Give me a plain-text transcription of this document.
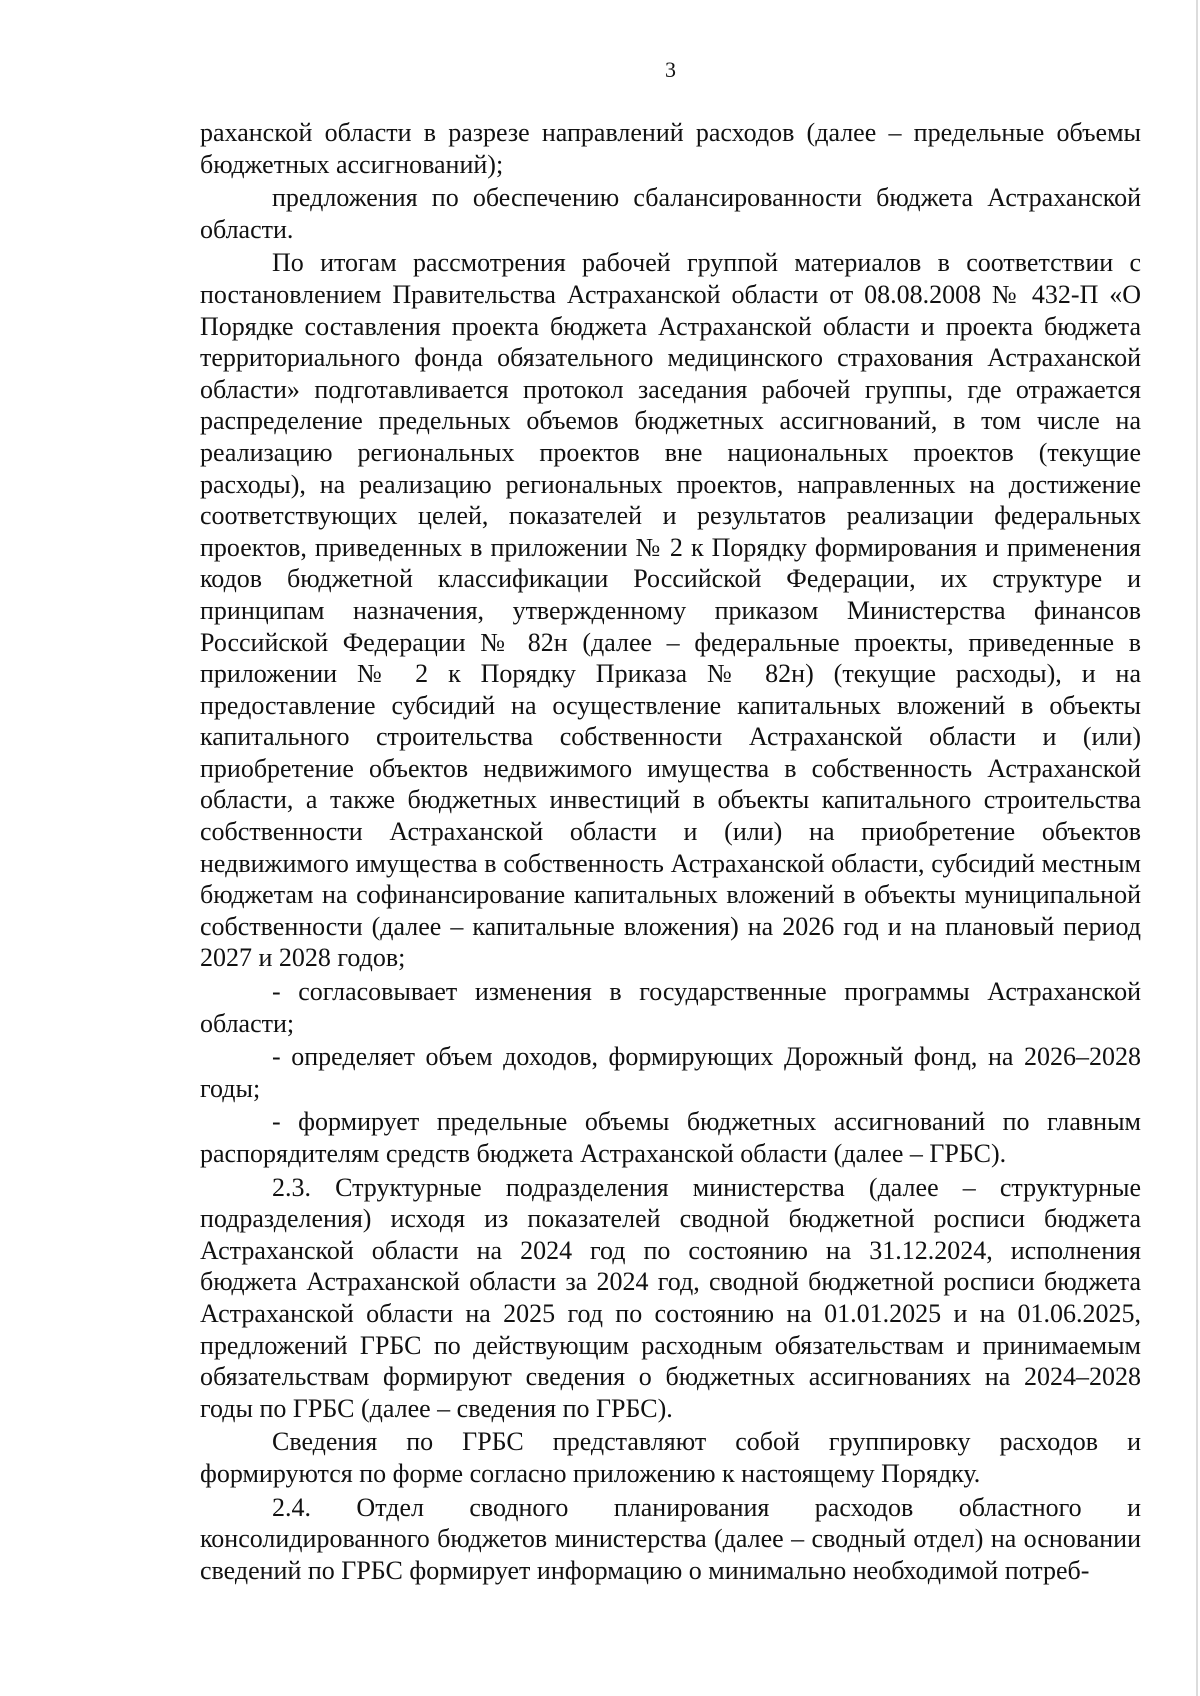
3

раханской области в разрезе направлений расходов (далее – предельные объемы бюджетных ассигнований);

предложения по обеспечению сбалансированности бюджета Астраханской области.

По итогам рассмотрения рабочей группой материалов в соответствии с постановлением Правительства Астраханской области от 08.08.2008 № 432-П «О Порядке составления проекта бюджета Астраханской области и проекта бюджета территориального фонда обязательного медицинского страхования Астраханской области» подготавливается протокол заседания рабочей группы, где отражается распределение предельных объемов бюджетных ассигнований, в том числе на реализацию региональных проектов вне национальных проектов (текущие расходы), на реализацию региональных проектов, направленных на достижение соответствующих целей, показателей и результатов реализации федеральных проектов, приведенных в приложении № 2 к Порядку формирования и применения кодов бюджетной классификации Российской Федерации, их структуре и принципам назначения, утвержденному приказом Министерства финансов Российской Федерации № 82н (далее – федеральные проекты, приведенные в приложении № 2 к Порядку Приказа № 82н) (текущие расходы), и на предоставление субсидий на осуществление капитальных вложений в объекты капитального строительства собственности Астраханской области и (или) приобретение объектов недвижимого имущества в собственность Астраханской области, а также бюджетных инвестиций в объекты капитального строительства собственности Астраханской области и (или) на приобретение объектов недвижимого имущества в собственность Астраханской области, субсидий местным бюджетам на софинансирование капитальных вложений в объекты муниципальной собственности (далее – капитальные вложения) на 2026 год и на плановый период 2027 и 2028 годов;

- согласовывает изменения в государственные программы Астраханской области;

- определяет объем доходов, формирующих Дорожный фонд, на 2026–2028 годы;

- формирует предельные объемы бюджетных ассигнований по главным распорядителям средств бюджета Астраханской области (далее – ГРБС).

2.3. Структурные подразделения министерства (далее – структурные подразделения) исходя из показателей сводной бюджетной росписи бюджета Астраханской области на 2024 год по состоянию на 31.12.2024, исполнения бюджета Астраханской области за 2024 год, сводной бюджетной росписи бюджета Астраханской области на 2025 год по состоянию на 01.01.2025 и на 01.06.2025, предложений ГРБС по действующим расходным обязательствам и принимаемым обязательствам формируют сведения о бюджетных ассигнованиях на 2024–2028 годы по ГРБС (далее – сведения по ГРБС).

Сведения по ГРБС представляют собой группировку расходов и формируются по форме согласно приложению к настоящему Порядку.

2.4. Отдел сводного планирования расходов областного и консолидированного бюджетов министерства (далее – сводный отдел) на основании сведений по ГРБС формирует информацию о минимально необходимой потреб-
